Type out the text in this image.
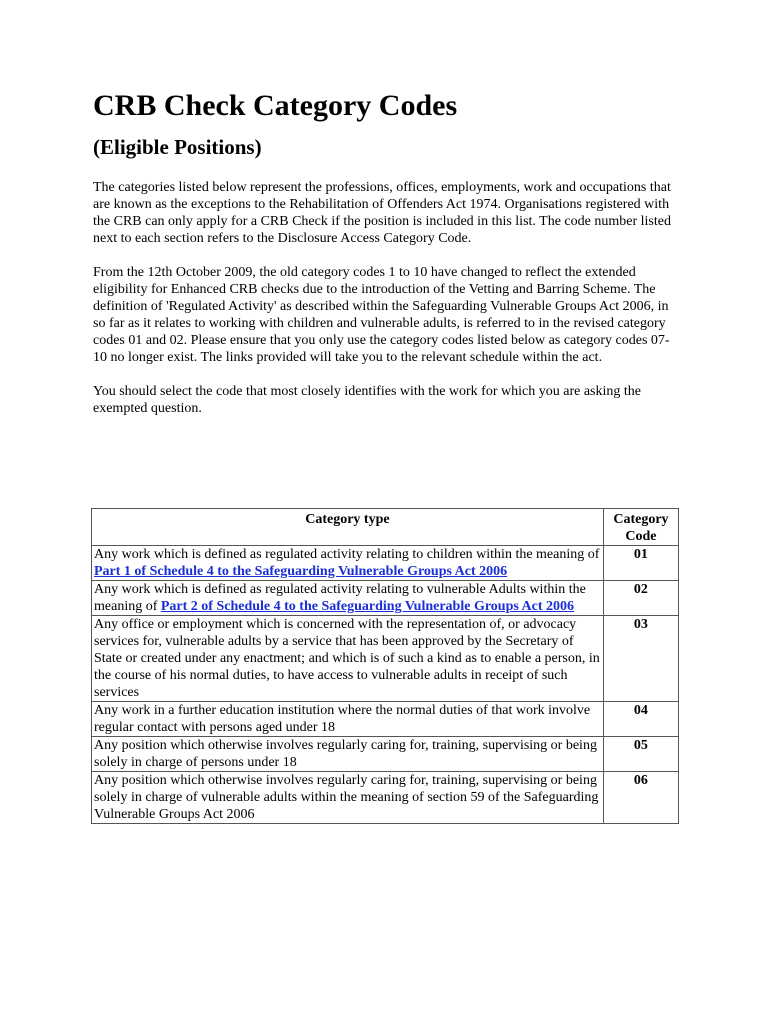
CRB Check Category Codes
(Eligible Positions)

The categories listed below represent the professions, offices, employments, work and occupations that are known as the exceptions to the Rehabilitation of Offenders Act 1974. Organisations registered with the CRB can only apply for a CRB Check if the position is included in this list. The code number listed next to each section refers to the Disclosure Access Category Code.

From the 12th October 2009, the old category codes 1 to 10 have changed to reflect the extended eligibility for Enhanced CRB checks due to the introduction of the Vetting and Barring Scheme. The definition of 'Regulated Activity' as described within the Safeguarding Vulnerable Groups Act 2006, in so far as it relates to working with children and vulnerable adults, is referred to in the revised category codes 01 and 02. Please ensure that you only use the category codes listed below as category codes 07-10 no longer exist. The links provided will take you to the relevant schedule within the act.

You should select the code that most closely identifies with the work for which you are asking the exempted question.

Category type	Category Code
Any work which is defined as regulated activity relating to children within the meaning of Part 1 of Schedule 4 to the Safeguarding Vulnerable Groups Act 2006	01
Any work which is defined as regulated activity relating to vulnerable Adults within the meaning of Part 2 of Schedule 4 to the Safeguarding Vulnerable Groups Act 2006	02
Any office or employment which is concerned with the representation of, or advocacy services for, vulnerable adults by a service that has been approved by the Secretary of State or created under any enactment; and which is of such a kind as to enable a person, in the course of his normal duties, to have access to vulnerable adults in receipt of such services	03
Any work in a further education institution where the normal duties of that work involve regular contact with persons aged under 18	04
Any position which otherwise involves regularly caring for, training, supervising or being solely in charge of persons under 18	05
Any position which otherwise involves regularly caring for, training, supervising or being solely in charge of vulnerable adults within the meaning of section 59 of the Safeguarding Vulnerable Groups Act 2006	06
